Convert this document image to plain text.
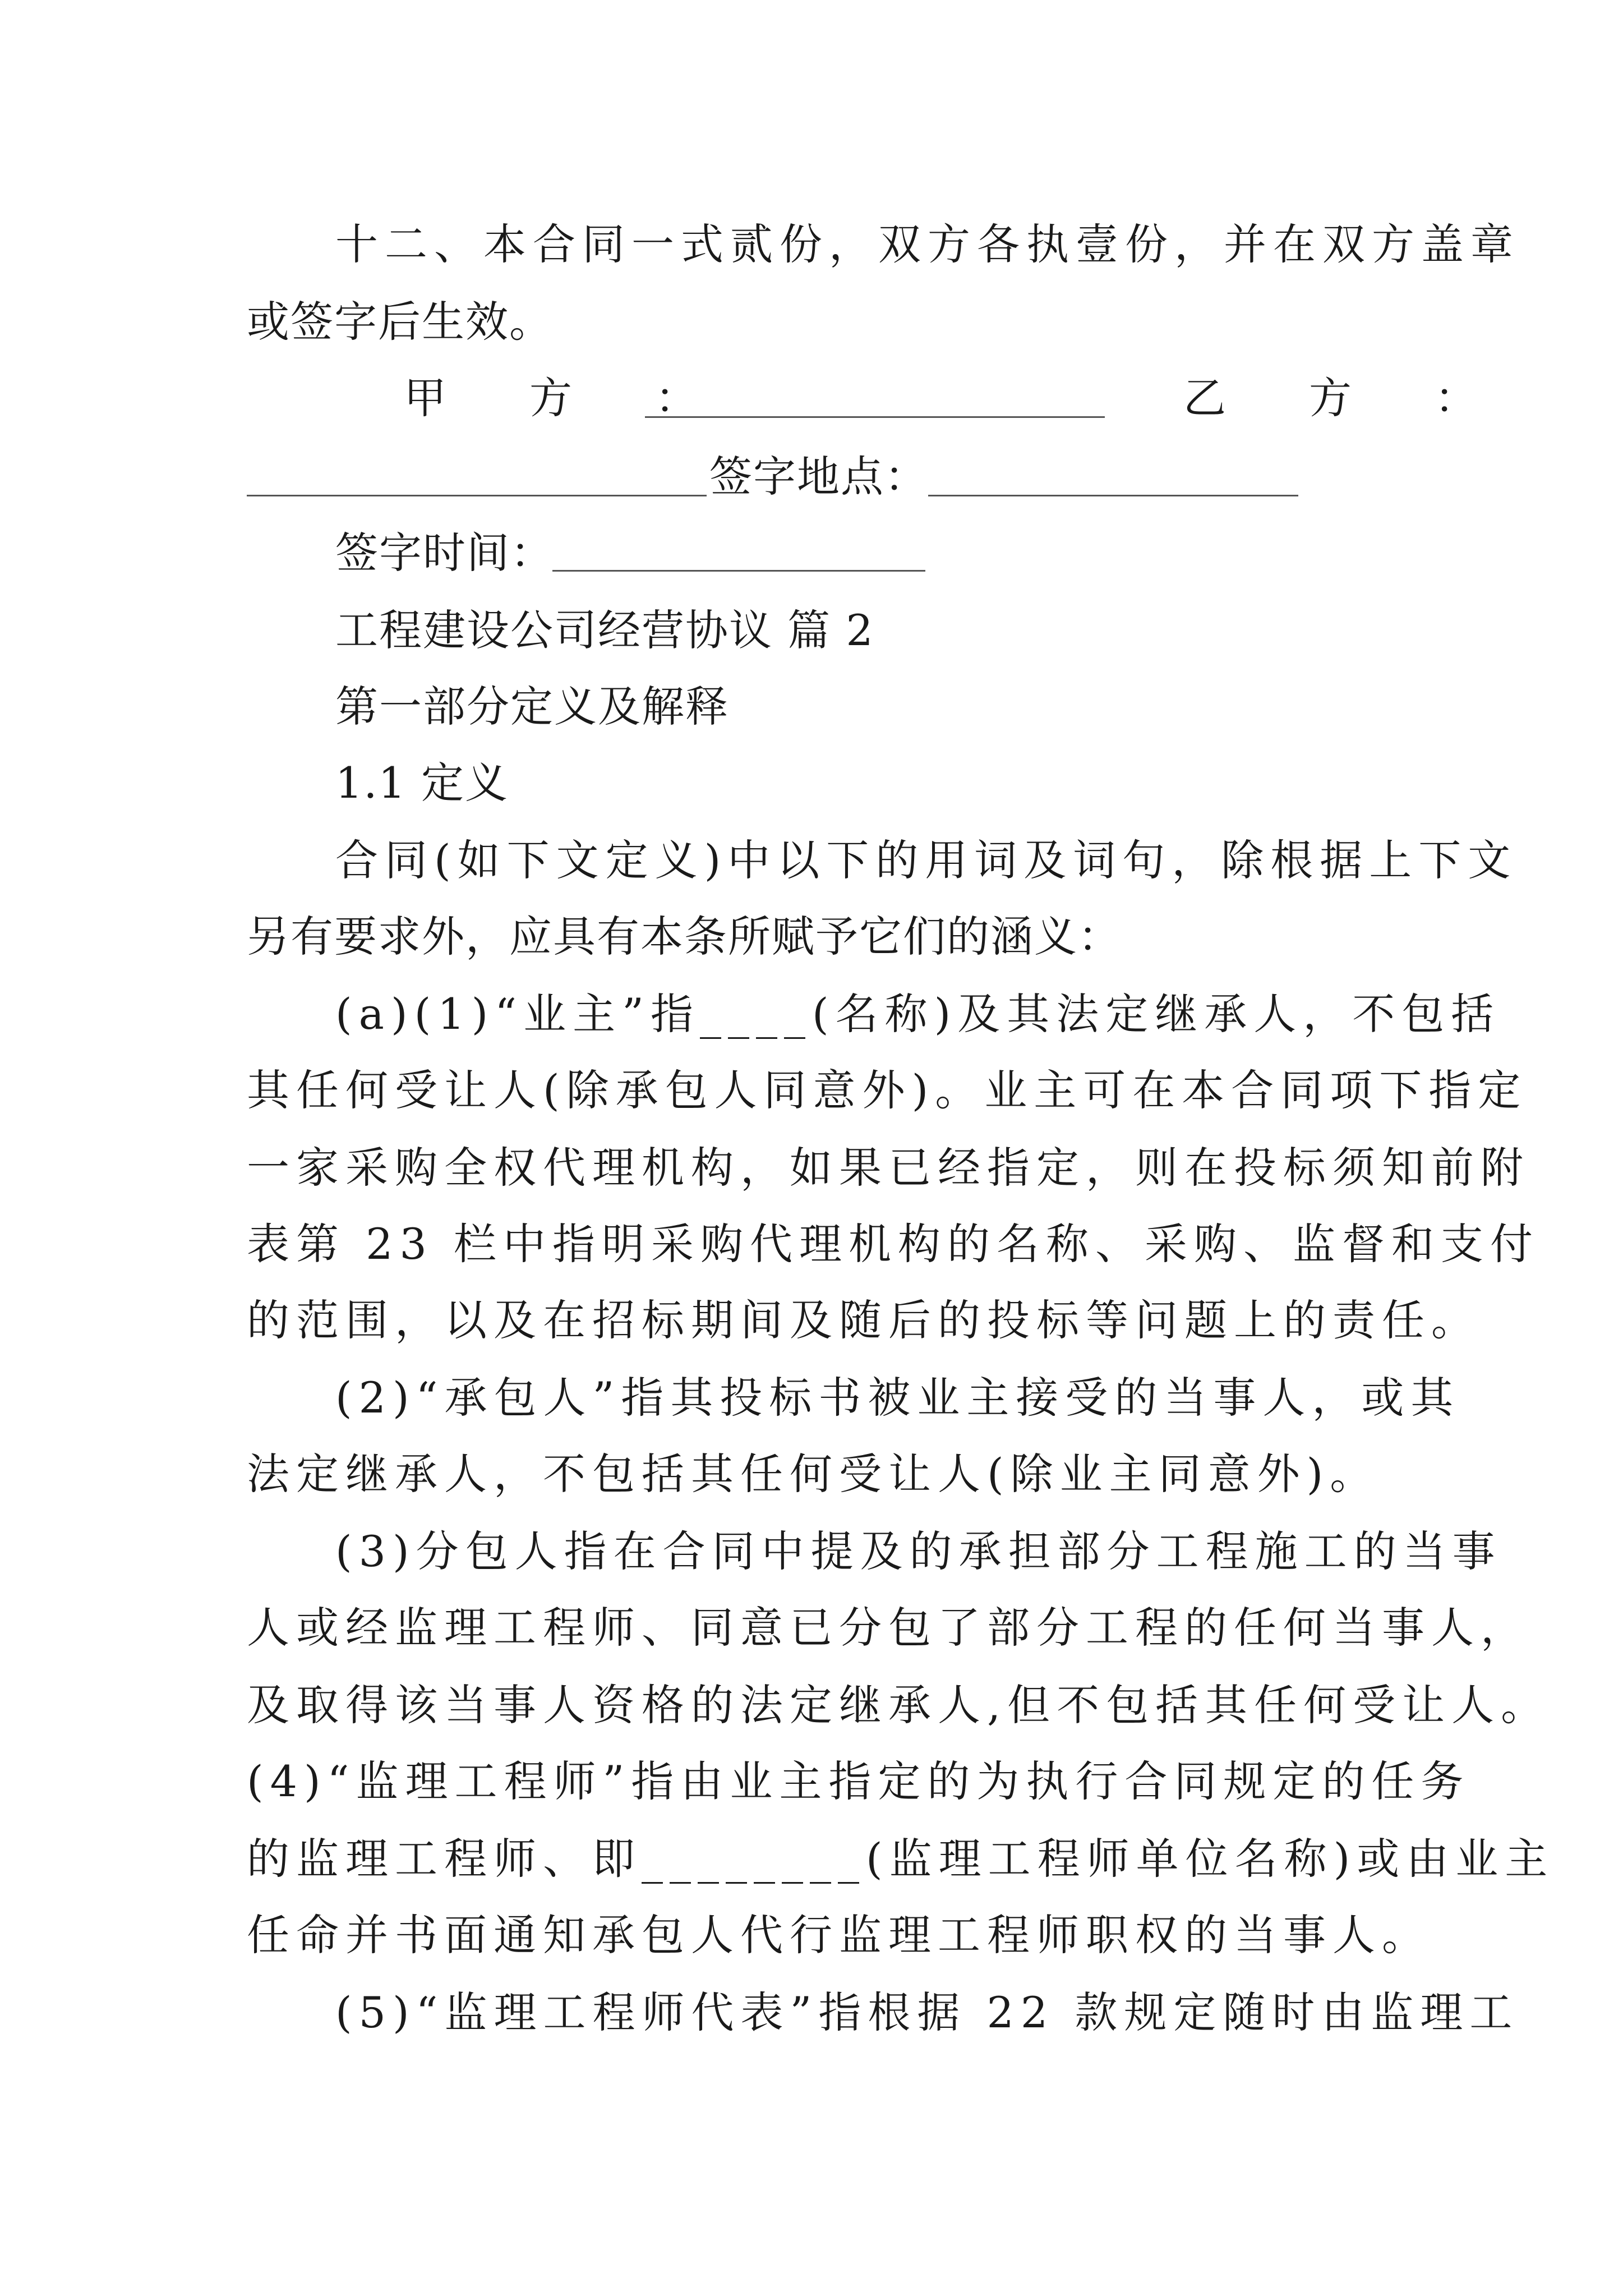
十二、本合同一式贰份，双方各执壹份，并在双方盖章
或签字后生效。
甲　方　：	乙　方　：
签字地点：
签字时间：
工程建设公司经营协议 篇 2
第一部分定义及解释
1.1 定义
合同(如下文定义)中以下的用词及词句，除根据上下文
另有要求外，应具有本条所赋予它们的涵义：
(a)(1)“业主”指____(名称)及其法定继承人，不包括
其任何受让人(除承包人同意外)。业主可在本合同项下指定
一家采购全权代理机构，如果已经指定，则在投标须知前附
表第 23 栏中指明采购代理机构的名称、采购、监督和支付
的范围，以及在招标期间及随后的投标等问题上的责任。
(2)“承包人”指其投标书被业主接受的当事人，或其
法定继承人，不包括其任何受让人(除业主同意外)。
(3)分包人指在合同中提及的承担部分工程施工的当事
人或经监理工程师、同意已分包了部分工程的任何当事人，
及取得该当事人资格的法定继承人,但不包括其任何受让人。
(4)“监理工程师”指由业主指定的为执行合同规定的任务
的监理工程师、即________(监理工程师单位名称)或由业主
任命并书面通知承包人代行监理工程师职权的当事人。
(5)“监理工程师代表”指根据 22 款规定随时由监理工
